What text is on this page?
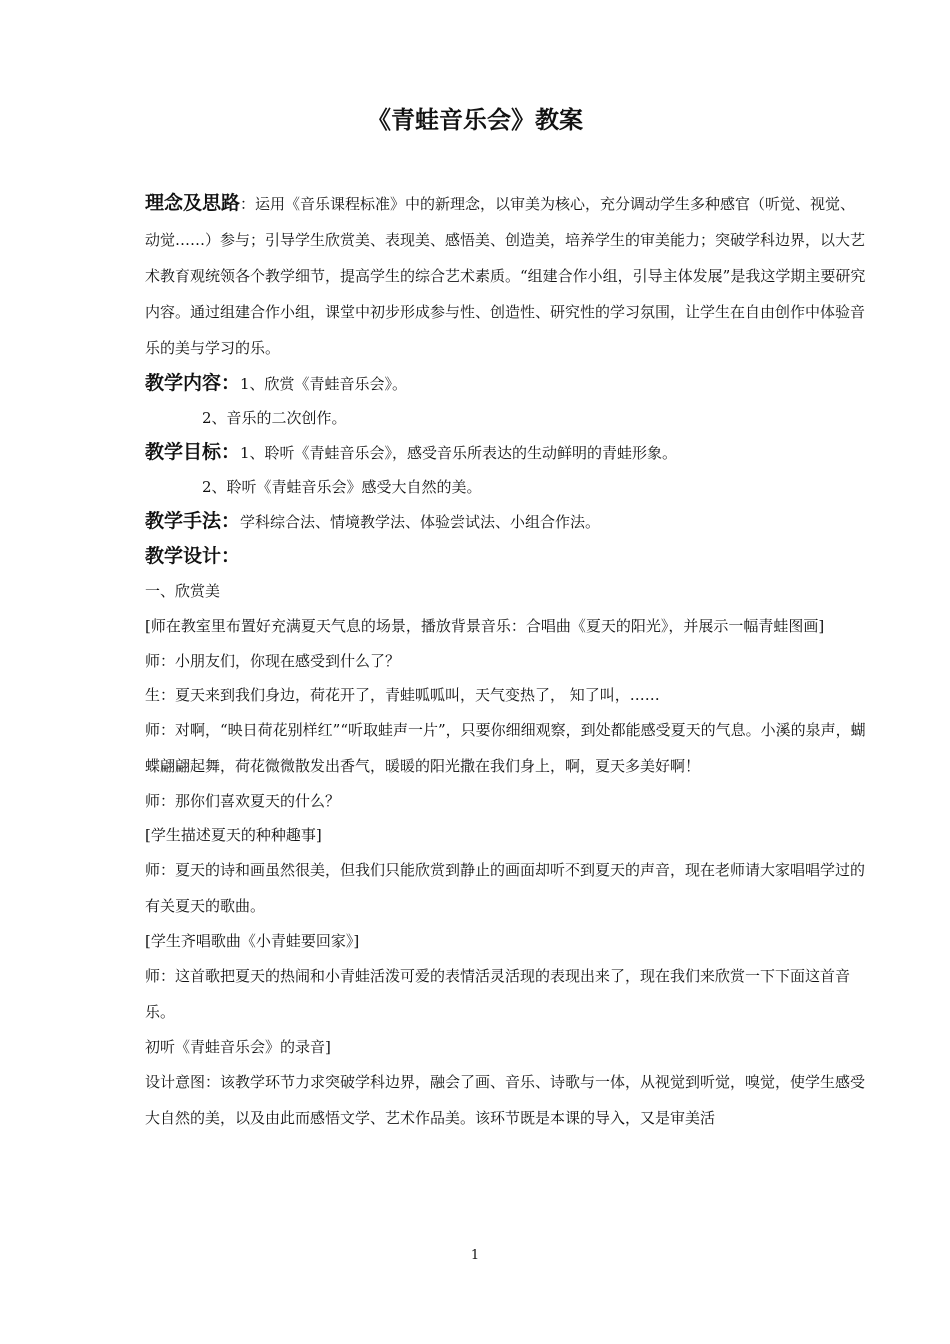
《青蛙音乐会》教案

理念及思路：运用《音乐课程标准》中的新理念，以审美为核心，充分调动学生多种感官（听觉、视觉、动觉……）参与；引导学生欣赏美、表现美、感悟美、创造美，培养学生的审美能力；突破学科边界，以大艺术教育观统领各个教学细节，提高学生的综合艺术素质。“组建合作小组，引导主体发展”是我这学期主要研究内容。通过组建合作小组，课堂中初步形成参与性、创造性、研究性的学习氛围，让学生在自由创作中体验音乐的美与学习的乐。

教学内容：1、欣赏《青蛙音乐会》。

2、音乐的二次创作。

教学目标：1、聆听《青蛙音乐会》，感受音乐所表达的生动鲜明的青蛙形象。

2、聆听《青蛙音乐会》感受大自然的美。

教学手法：学科综合法、情境教学法、体验尝试法、小组合作法。

教学设计：

一、欣赏美

[师在教室里布置好充满夏天气息的场景，播放背景音乐：合唱曲《夏天的阳光》，并展示一幅青蛙图画]

师：小朋友们，你现在感受到什么了？

生：夏天来到我们身边，荷花开了，青蛙呱呱叫，天气变热了， 知了叫，……

师：对啊，“映日荷花别样红”“听取蛙声一片”，只要你细细观察，到处都能感受夏天的气息。小溪的泉声，蝴蝶翩翩起舞，荷花微微散发出香气，暖暖的阳光撒在我们身上，啊，夏天多美好啊！

师：那你们喜欢夏天的什么？

[学生描述夏天的种种趣事]

师：夏天的诗和画虽然很美，但我们只能欣赏到静止的画面却听不到夏天的声音，现在老师请大家唱唱学过的有关夏天的歌曲。

[学生齐唱歌曲《小青蛙要回家》]

师：这首歌把夏天的热闹和小青蛙活泼可爱的表情活灵活现的表现出来了，现在我们来欣赏一下下面这首音乐。

初听《青蛙音乐会》的录音]

设计意图：该教学环节力求突破学科边界，融会了画、音乐、诗歌与一体，从视觉到听觉，嗅觉，使学生感受大自然的美，以及由此而感悟文学、艺术作品美。该环节既是本课的导入，又是审美活

1
